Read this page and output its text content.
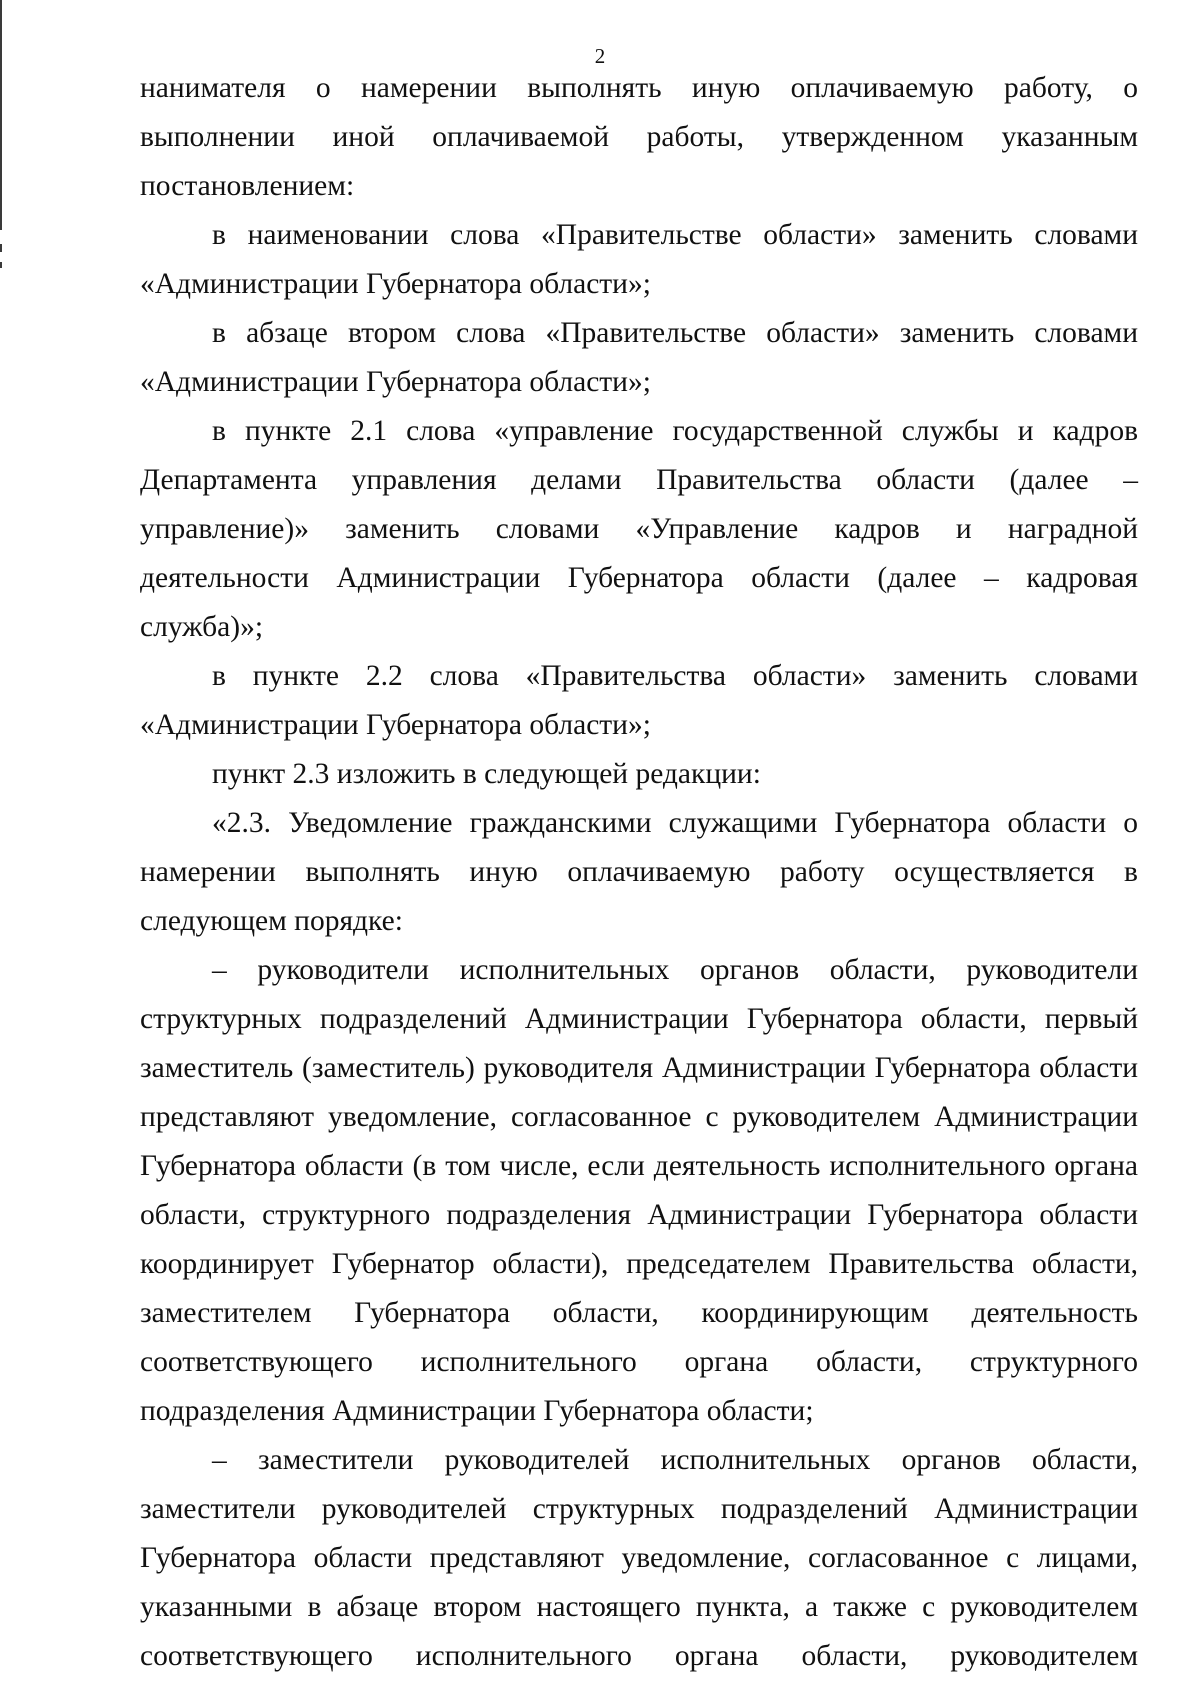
2

нанимателя о намерении выполнять иную оплачиваемую работу, о выполнении иной оплачиваемой работы, утвержденном указанным постановлением:

в наименовании слова «Правительстве области» заменить словами «Администрации Губернатора области»;

в абзаце втором слова «Правительстве области» заменить словами «Администрации Губернатора области»;

в пункте 2.1 слова «управление государственной службы и кадров Департамента управления делами Правительства области (далее – управление)» заменить словами «Управление кадров и наградной деятельности Администрации Губернатора области (далее – кадровая служба)»;

в пункте 2.2 слова «Правительства области» заменить словами «Администрации Губернатора области»;

пункт 2.3 изложить в следующей редакции:

«2.3. Уведомление гражданскими служащими Губернатора области о намерении выполнять иную оплачиваемую работу осуществляется в следующем порядке:

– руководители исполнительных органов области, руководители структурных подразделений Администрации Губернатора области, первый заместитель (заместитель) руководителя Администрации Губернатора области представляют уведомление, согласованное с руководителем Администрации Губернатора области (в том числе, если деятельность исполнительного органа области, структурного подразделения Администрации Губернатора области координирует Губернатор области), председателем Правительства области, заместителем Губернатора области, координирующим деятельность соответствующего исполнительного органа области, структурного подразделения Администрации Губернатора области;

– заместители руководителей исполнительных органов области, заместители руководителей структурных подразделений Администрации Губернатора области представляют уведомление, согласованное с лицами, указанными в абзаце втором настоящего пункта, а также с руководителем соответствующего исполнительного органа области, руководителем
